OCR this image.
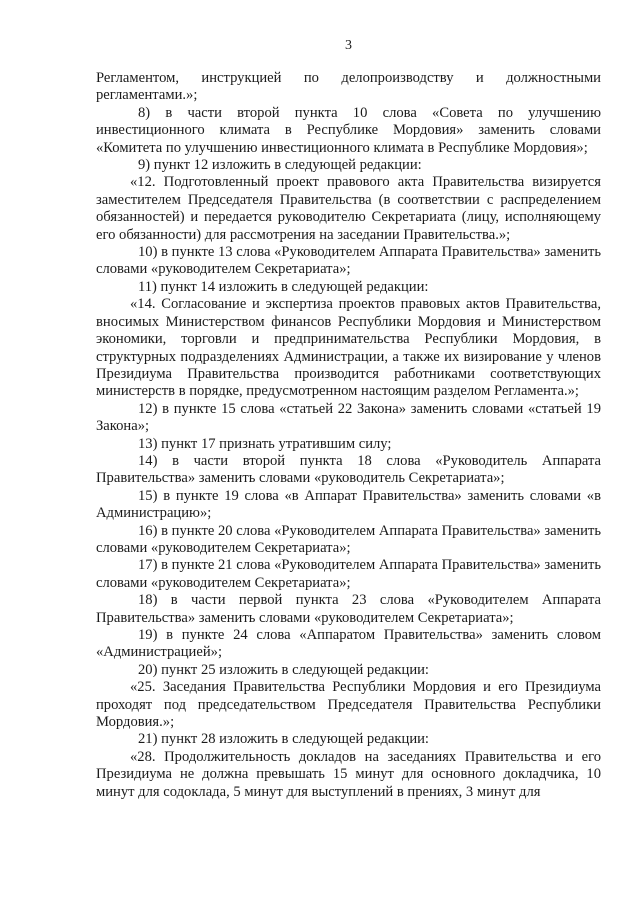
3

Регламентом, инструкцией по делопроизводству и должностными регламентами.»;

8) в части второй пункта 10 слова «Совета по улучшению инвестиционного климата в Республике Мордовия» заменить словами «Комитета по улучшению инвестиционного климата в Республике Мордовия»;

9) пункт 12 изложить в следующей редакции:

«12. Подготовленный проект правового акта Правительства визируется заместителем Председателя Правительства (в соответствии с распределением обязанностей) и передается руководителю Секретариата (лицу, исполняющему его обязанности) для рассмотрения на заседании Правительства.»;

10) в пункте 13 слова «Руководителем Аппарата Правительства» заменить словами «руководителем Секретариата»;

11) пункт 14 изложить в следующей редакции:

«14. Согласование и экспертиза проектов правовых актов Правительства, вносимых Министерством финансов Республики Мордовия и Министерством экономики, торговли и предпринимательства Республики Мордовия, в структурных подразделениях Администрации, а также их визирование у членов Президиума Правительства производится работниками соответствующих министерств в порядке, предусмотренном настоящим разделом Регламента.»;

12) в пункте 15 слова «статьей 22 Закона» заменить словами «статьей 19 Закона»;

13) пункт 17 признать утратившим силу;

14) в части второй пункта 18 слова «Руководитель Аппарата Правительства» заменить словами «руководитель Секретариата»;

15) в пункте 19 слова «в Аппарат Правительства» заменить словами «в Администрацию»;

16) в пункте 20 слова «Руководителем Аппарата Правительства» заменить словами «руководителем Секретариата»;

17) в пункте 21 слова «Руководителем Аппарата Правительства» заменить словами «руководителем Секретариата»;

18) в части первой пункта 23 слова «Руководителем Аппарата Правительства» заменить словами «руководителем Секретариата»;

19) в пункте 24 слова «Аппаратом Правительства» заменить словом «Администрацией»;

20) пункт 25 изложить в следующей редакции:

«25. Заседания Правительства Республики Мордовия и его Президиума проходят под председательством Председателя Правительства Республики Мордовия.»;

21) пункт 28 изложить в следующей редакции:

«28. Продолжительность докладов на заседаниях Правительства и его Президиума не должна превышать 15 минут для основного докладчика, 10 минут для содоклада, 5 минут для выступлений в прениях, 3 минут для
